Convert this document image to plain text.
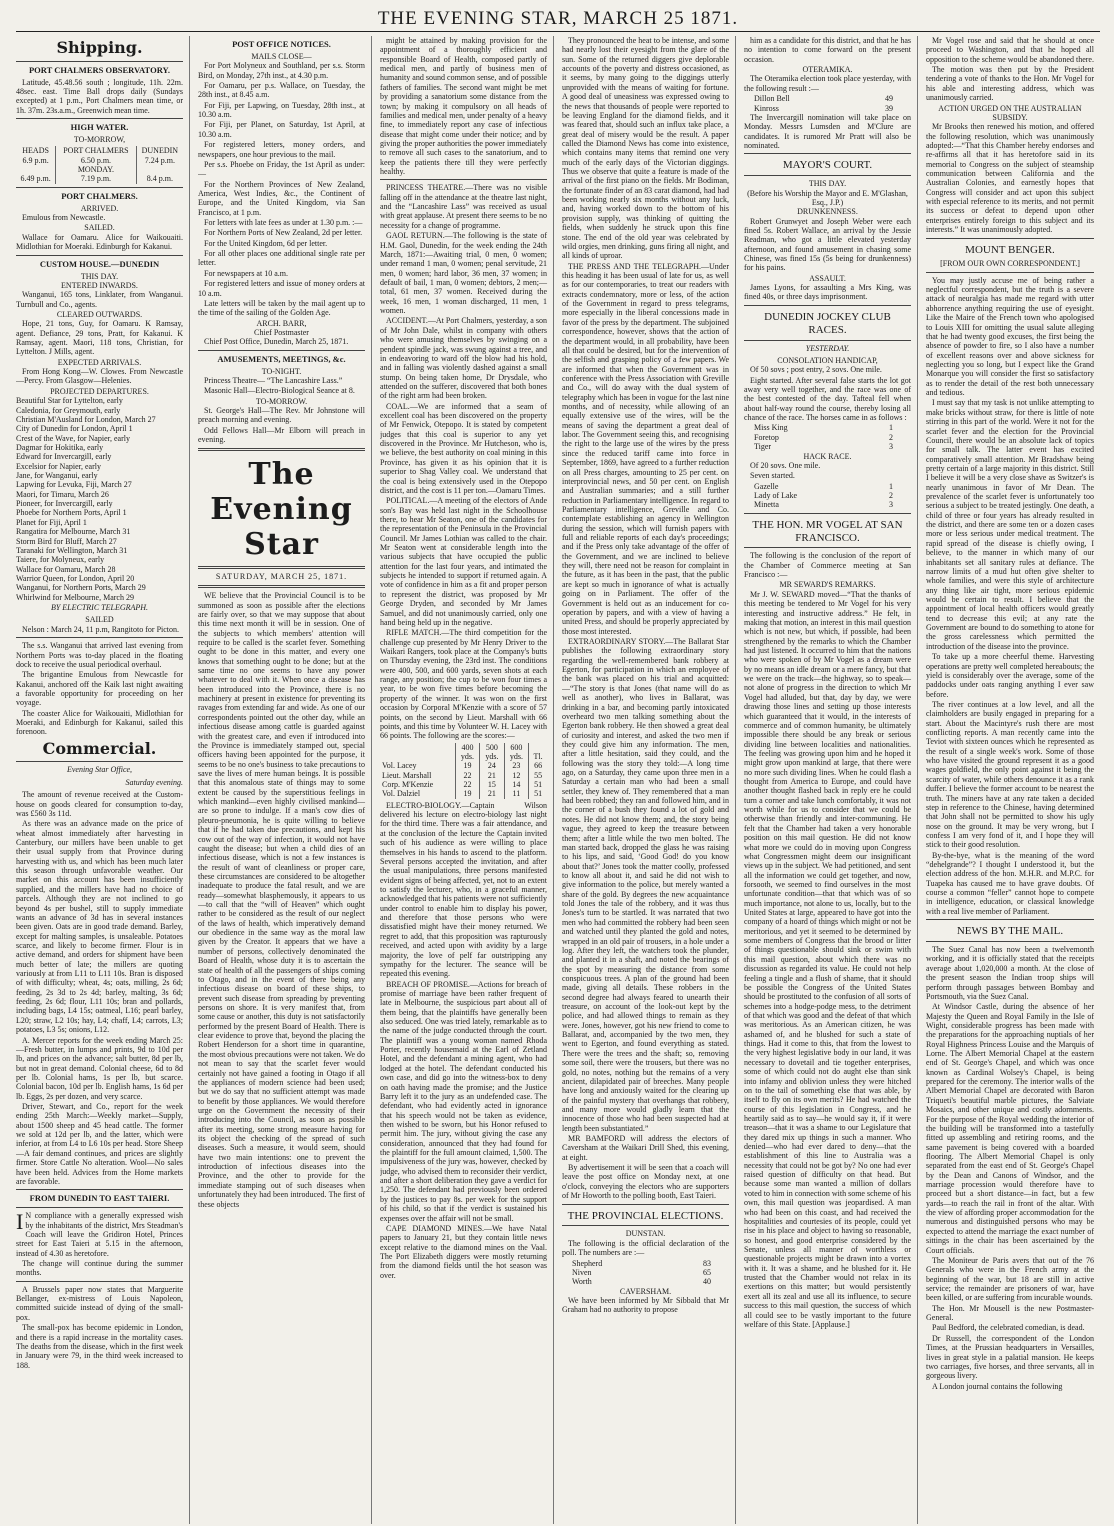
THE EVENING STAR, MARCH 25 1871.
Shipping.
PORT CHALMERS OBSERVATORY.

Latitude, 45.48.56 south ; longitude, 11h. 22m. 48sec. east. Time Ball drops daily (Sundays excepted) at 1 p.m., Port Chalmers mean time, or 1h. 37m. 23s.a.m., Greenwich mean time.

HIGH WATER.
TO-MORROW,
HEADS	PORT CHALMERS	DUNEDIN
6.9 p.m.	6.50 p.m.	7.24 p.m.
	MONDAY.	
6.49 p.m.	7.19 p.m.	8.4 p.m.
PORT CHALMERS.
ARRIVED.

Emulous from Newcastle.

SAILED.

Wallace for Oamaru. Alice for Waikouaiti. Midlothian for Moeraki. Edinburgh for Kakanui.

CUSTOM HOUSE.—DUNEDIN
THIS DAY.
ENTERED INWARDS.

Wanganui, 165 tons, Linklater, from Wanganui. Turnbull and Co., agents.

CLEARED OUTWARDS.

Hope, 21 tons, Guy, for Oamaru. K Ramsay, agent. Defiance, 29 tons, Pratt, for Kakanui. K Ramsay, agent. Maori, 118 tons, Christian, for Lyttelton. J Mills, agent.

EXPECTED ARRIVALS.

From Hong Kong—W. Clowes. From Newcastle—Percy. From Glasgow—Helenies.

PROJECTED DEPARTURES.
Beautiful Star for Lyttelton, early
Caledonia, for Greymouth, early
Christian M'Ausland for London, March 27
City of Dunedin for London, April 1
Crest of the Wave, for Napier, early
Dagmar for Hokitika, early
Edward for Invercargill, early
Excelsior for Napier, early
Jane, for Wanganui, early
Lapwing for Levuka, Fiji, March 27
Maori, for Timaru, March 26
Pioneer, for Invercargill, early
Phoebe for Northern Ports, April 1
Planet for Fiji, April 1
Rangatira for Melbourne, March 31
Storm Bird for Bluff, March 27
Taranaki for Wellington, March 31
Taiere, for Molyneux, early
Wallace for Oamaru, March 28
Warrior Queen, for London, April 20
Wanganui, for Northern Ports, March 29
Whirlwind for Melbourne, March 29
BY ELECTRIC TELEGRAPH.
SAILED

Nelson : March 24, 11 p.m, Rangitoto for Picton.

The s.s. Wanganui that arrived last evening from Northern Ports was to-day placed in the floating dock to receive the usual periodical overhaul.

The brigantine Emulous from Newcastle for Kakanui, anchored off the Kaik last night awaiting a favorable opportunity for proceeding on her voyage.

The coaster Alice for Waikouaiti, Midlothian for Moeraki, and Edinburgh for Kakanui, sailed this forenoon.

Commercial.
Evening Star Office,
Saturday evening.

The amount of revenue received at the Custom-house on goods cleared for consumption to-day, was £560 3s 11d.

As there was an advance made on the price of wheat almost immediately after harvesting in Canterbury, our millers have been unable to get their usual supply from that Province during harvesting with us, and which has been much later this season through unfavorable weather. Our market on this account has been insufficiently supplied, and the millers have had no choice of parcels. Although they are not inclined to go beyond 4s per bushel, still to supply immediate wants an advance of 3d has in several instances been given. Oats are in good trade demand. Barley, except for malting samples, is unsaleable. Potatoes scarce, and likely to become firmer. Flour is in active demand, and orders for shipment have been much better of late; the millers are quoting variously at from L11 to L11 10s. Bran is disposed of with difficulty; wheat, 4s; oats, milling, 2s 6d; feeding, 2s 3d to 2s 4d; barley, malting, 3s 6d; feeding, 2s 6d; flour, L11 10s; bran and pollards, including bags, L4 15s; oatmeal, L16; pearl barley, L20; straw, L2 10s; hay, L4; chaff, L4; carrots, L3; potatoes, L3 5s; onions, L12.

A. Mercer reports for the week ending March 25:—Fresh butter, in lumps and prints, 9d to 10d per lb, and prices on the advance; salt butter, 8d per lb, but not in great demand. Colonial cheese, 6d to 8d per lb. Colonial hams, 1s per lb, but scarce. Colonial bacon, 10d per lb. English hams, 1s 6d per lb. Eggs, 2s per dozen, and very scarce.

Driver, Stewart, and Co., report for the week ending 25th March:—Weekly market—Supply, about 1500 sheep and 45 head cattle. The former we sold at 12d per lb, and the latter, which were inferior, at from L4 to L6 10s per head. Store Sheep—A fair demand continues, and prices are slightly firmer. Store Cattle No alteration. Wool—No sales have been held. Advices from the Home markets are favorable.

FROM DUNEDIN TO EAST TAIERI.

I N compliance with a generally expressed wish by the inhabitants of the district, Mrs Steadman's Coach will leave the Gridiron Hotel, Princes street for East Taieri at 5.15 in the afternoon, instead of 4.30 as heretofore.

The change will continue during the summer months.

A Brussels paper now states that Marguerite Bellanger, ex-mistress of Louis Napoleon, committed suicide instead of dying of the small-pox.

The small-pox has become epidemic in London, and there is a rapid increase in the mortality cases. The deaths from the disease, which in the first week in January were 79, in the third week increased to 188.

POST OFFICE NOTICES.
MAILS CLOSE—

For Port Molyneux and Southland, per s.s. Storm Bird, on Monday, 27th inst., at 4.30 p.m.

For Oamaru, per p.s. Wallace, on Tuesday, the 28th inst., at 8.45 a.m.

For Fiji, per Lapwing, on Tuesday, 28th inst., at 10.30 a.m.

For Fiji, per Planet, on Saturday, 1st April, at 10.30 a.m.

For registered letters, money orders, and newspapers, one hour previous to the mail.

Per s.s. Phoebe on Friday, the 1st April as under:—

For the Northern Provinces of New Zealand, America, West Indies, &c., the Continent of Europe, and the United Kingdom, via San Francisco, at 1 p.m.

For letters with late fees as under at 1.30 p.m. :—

For Northern Ports of New Zealand, 2d per letter.

For the United Kingdom, 6d per letter.

For all other places one additional single rate per letter.

For newspapers at 10 a.m.

For registered letters and issue of money orders at 10 a.m.

Late letters will be taken by the mail agent up to the time of the sailing of the Golden Age.

ARCH. BARR,
Chief Postmaster

Chief Post Office, Dunedin, March 25, 1871.

AMUSEMENTS, MEETINGS, &c.
TO-NIGHT.

Princess Theatre— “The Lancashire Lass.”

Masonic Hall—Electro-Biological Seance at 8.

TO-MORROW.

St. George's Hall—The Rev. Mr Johnstone will preach morning and evening.

Odd Fellows Hall—Mr Elborn will preach in evening.

The Evening Star
SATURDAY, MARCH 25, 1871.

WE believe that the Provincial Council is to be summoned as soon as possible after the elections are fairly over, so that we may suppose that about this time next month it will be in session. One of the subjects to which members' attention will require to be called is the scarlet fever. Something ought to be done in this matter, and every one knows that something ought to be done; but at the same time no one seems to have any power whatever to deal with it. When once a disease has been introduced into the Province, there is no machinery at present in existence for preventing its ravages from extending far and wide. As one of our correspondents pointed out the other day, while an infectious disease among cattle is guarded against with the greatest care, and even if introduced into the Province is immediately stamped out, special officers having been appointed for the purpose, it seems to be no one's business to take precautions to save the lives of mere human beings. It is possible that this anomalous state of things may to some extent be caused by the superstitious feelings in which mankind—even highly civilised mankind—are so prone to indulge. If a man's cow dies of pleuro-pneumonia, he is quite willing to believe that if he had taken due precautions, and kept his cow out of the way of infection, it would not have caught the disease; but when a child dies of an infectious disease, which is not a few instances is the result of want of cleanliness or proper care, these circumstances are considered to be altogether inadequate to produce the fatal result, and we are ready—somewhat blasphemously, it appears to us—to call that the “will of Heaven” which ought rather to be considered as the result of our neglect of the laws of health, which imperatively demand our obedience in the same way as the moral law given by the Creator. It appears that we have a number of persons, collectively denominated the Board of Health, whose duty it is to ascertain the state of health of all the passengers of ships coming to Otago, and in the event of there being any infectious disease on board of these ships, to prevent such disease from spreading by preventing persons on shore. It is very manifest that, from some cause or another, this duty is not satisfactorily performed by the present Board of Health. There is clear evidence to prove that, beyond the placing the Robert Henderson for a short time in quarantine, the most obvious precautions were not taken. We do not mean to say that the scarlet fever would certainly not have gained a footing in Otago if all the appliances of modern science had been used; but we do say that no sufficient attempt was made to benefit by those appliances. We would therefore urge on the Government the necessity of their introducing into the Council, as soon as possible after its meeting, some strong measure having for its object the checking of the spread of such diseases. Such a measure, it would seem, should have two main intentions: one to prevent the introduction of infectious diseases into the Province, and the other to provide for the immediate stamping out of such diseases when unfortunately they had been introduced. The first of these objects

might be attained by making provision for the appointment of a thoroughly efficient and responsible Board of Health, composed partly of medical men, and partly of business men of humanity and sound common sense, and of possible fathers of families. The second want might be met by providing a sanatorium some distance from the town; by making it compulsory on all heads of families and medical men, under penalty of a heavy fine, to immediately report any case of infectious disease that might come under their notice; and by giving the proper authorities the power immediately to remove all such cases to the sanatorium, and to keep the patients there till they were perfectly healthy.

PRINCESS THEATRE.—There was no visible falling off in the attendance at the theatre last night, and the “Lancashire Lass” was received as usual with great applause. At present there seems to be no necessity for a change of programme.

GAOL RETURN.—The following is the state of H.M. Gaol, Dunedin, for the week ending the 24th March, 1871:—Awaiting trial, 0 men, 0 women; under remand 1 man, 0 women; penal servitude, 21 men, 0 women; hard labor, 36 men, 37 women; in default of bail, 1 man, 0 women; debtors, 2 men;—total, 61 men, 37 women. Received during the week, 16 men, 1 woman discharged, 11 men, 1 women.

ACCIDENT.—At Port Chalmers, yesterday, a son of Mr John Dale, whilst in company with others who were amusing themselves by swinging on a pendent spindle jack, was swung against a tree, and in endeavoring to ward off the blow had his hold, and in falling was violently dashed against a small stump. On being taken home, Dr Drysdale, who attended on the sufferer, discovered that both bones of the right arm had been broken.

COAL.—We are informed that a seam of excellent coal has been discovered on the property of Mr Fenwick, Otepopo. It is stated by competent judges that this coal is superior to any yet discovered in the Province. Mr Hutcheson, who is, we believe, the best authority on coal mining in this Province, has given it as his opinion that it is superior to Shag Valley coal. We understand that the coal is being extensively used in the Otepopo district, and the cost is 11 per ton.—Oamaru Times.

POLITICAL.—A meeting of the electors of Ande son's Bay was held last night in the Schoolhouse there, to hear Mr Seaton, one of the candidates for the representation of the Peninsula in the Provincial Council. Mr James Lothian was called to the chair. Mr Seaton went at considerable length into the various subjects that have occupied the public attention for the last four years, and intimated the subjects he intended to support if returned again. A vote of confidence in him as a fit and proper person to represent the district, was proposed by Mr George Dryden, and seconded by Mr James Samuel, and did not unanimously carried, only one hand being held up in the negative.

RIFLE MATCH.—The third competition for the challenge cup presented by Mr Henry Driver to the Waikari Rangers, took place at the Company's butts on Thursday evening, the 23rd inst. The conditions were 400, 500, and 600 yards, seven shots at each range, any position; the cup to be won four times a year, to be won five times before becoming the property of the winner. It was won on the first occasion by Corporal M'Kenzie with a score of 57 points, on the second by Lieut. Marshall with 66 points, and this time by Volunteer W. H. Lacey with 66 points. The following are the scores:—

	400	500	600	
	yds.	yds.	yds.	Tl.
Vol. Lacey	19	24	23	66
Lieut. Marshall	22	21	12	55
Corp. M'Kenzie	22	15	14	51
Vol. Dalziel	19	21	11	51

ELECTRO-BIOLOGY.—Captain Wilson delivered his lecture on electro-biology last night for the third time. There was a fair attendance, and at the conclusion of the lecture the Captain invited such of his audience as were willing to place themselves in his hands to ascend to the platform. Several persons accepted the invitation, and after the usual manipulations, three persons manifested evident signs of being affected, yet, not to an extent to satisfy the lecturer, who, in a graceful manner, acknowledged that his patients were not sufficiently under control to enable him to display his power, and therefore that those persons who were dissatisfied might have their money returned. We regret to add, that this proposition was rapturously received, and acted upon with avidity by a large majority, the love of pelf far outstripping any sympathy for the lecturer. The seance will be repeated this evening.

BREACH OF PROMISE.—Actions for breach of promise of marriage have been rather frequent of late in Melbourne, the suspicious part about all of them being, that the plaintiffs have generally been also seduced. One was tried lately, remarkable as to the name of the judge conducted through the court. The plaintiff was a young woman named Rhoda Porter, recently housemaid at the Earl of Zetland Hotel, and the defendant a mining agent, who had lodged at the hotel. The defendant conducted his own case, and did go into the witness-box to deny on oath having made the promise; and the Justice Barry left it to the jury as an undefended case. The defendant, who had evidently acted in ignorance that his speech would not be taken as evidence, then wished to be sworn, but his Honor refused to permit him. The jury, without giving the case any consideration, announced that they had found for the plaintiff for the full amount claimed, 1,500. The impulsiveness of the jury was, however, checked by judge, who advised them to reconsider their verdict, and after a short deliberation they gave a verdict for 1,250. The defendant had previously been ordered by the justices to pay 8s. per week for the support of his child, so that if the verdict is sustained his expenses over the affair will not be small.

CAPE DIAMOND MINES.—We have Natal papers to January 21, but they contain little news except relative to the diamond mines on the Vaal. The Port Elizabeth diggers were mostly returning from the diamond fields until the hot season was over.

They pronounced the heat to be intense, and some had nearly lost their eyesight from the glare of the sun. Some of the returned diggers give deplorable accounts of the poverty and distress occasioned, as it seems, by many going to the diggings utterly unprovided with the means of waiting for fortune. A good deal of uneasiness was expressed owing to the news that thousands of people were reported to be leaving England for the diamond fields, and it was feared that, should such an influx take place, a great deal of misery would be the result. A paper called the Diamond News has come into existence, which contains many items that remind one very much of the early days of the Victorian diggings. Thus we observe that quite a feature is made of the arrival of the first piano on the fields. Mr Bodiman, the fortunate finder of an 83 carat diamond, had had been working nearly six months without any luck, and, having worked down to the bottom of his provision supply, was thinking of quitting the fields, when suddenly he struck upon this fine stone. The end of the old year was celebrated by wild orgies, men drinking, guns firing all night, and all kinds of uproar.

THE PRESS AND THE TELEGRAPH.—Under this heading it has been usual of late for us, as well as for our contemporaries, to treat our readers with extracts condemnatory, more or less, of the action of the Government in regard to press telegrams, more especially in the liberal concessions made in favor of the press by the department. The subjoined correspondence, however, shows that the action of the department would, in all probability, have been all that could be desired, but for the intervention of the selfish and grasping policy of a few papers. We are informed that when the Government was in conference with the Press Association with Greville and Co., will do away with the dual system of telegraphy which has been in vogue for the last nine months, and of necessity, while allowing of an equally extensive use of the wires, will be the means of saving the department a great deal of labor. The Government seeing this, and recognising the right to the large use of the wires by the press since the reduced tariff came into force in September, 1869, have agreed to a further reduction on all Press charges, amounting to 25 per cent. on interprovincial news, and 50 per cent. on English and Australian summaries; and a still further reduction in Parliamentary intelligence. In regard to Parliamentary intelligence, Greville and Co. contemplate establishing an agency in Wellington during the session, which will furnish papers with full and reliable reports of each day's proceedings; and if the Press only take advantage of the offer of the Government, and we are inclined to believe they will, there need not be reason for complaint in the future, as it has been in the past, that the public are kept so much in ignorance of what is actually going on in Parliament. The offer of the Government is held out as an inducement for co-operation by papers, and with a view of having a united Press, and should be properly appreciated by those most interested.

EXTRAORDINARY STORY.—The Ballarat Star publishes the following extraordinary story regarding the well-remembered bank robbery at Egerton, for participation in which an employee of the bank was placed on his trial and acquitted:—“The story is that Jones (that name will do as well as another), who lives in Ballarat, was drinking in a bar, and becoming partly intoxicated overheard two men talking something about the Egerton bank robbery. He then showed a great deal of curiosity and interest, and asked the two men if they could give him any information. The men, after a little hesitation, said they could, and the following was the story they told:—A long time ago, on a Saturday, they came upon three men in a Saturday a certain man who had been a small settler, they knew of. They remembered that a man had been robbed; they ran and followed him, and in the corner of a bush they found a lot of gold and notes. He did not know them; and, the story being vague, they agreed to keep the treasure between them; after a little while the two men bolted. The man started back, dropped the glass he was raising to his lips, and said, ‘Good God! do you know about that?’ Jones took the matter coolly, professed to know all about it, and said he did not wish to give information to the police, but merely wanted a share of the gold. By degrees the new acquaintance told Jones the tale of the robbery, and it was thus Jones's turn to be startled. It was narrated that two men who had committed the robbery had been seen and watched until they planted the gold and notes, wrapped in an old pair of trousers, in a hole under a log. After they left, the watchers took the plunder, and planted it in a shaft, and noted the bearings of the spot by measuring the distance from some conspicuous trees. A plan of the ground had been made, giving all details. These robbers in the second degree had always feared to unearth their treasure, on account of the look-out kept by the police, and had allowed things to remain as they were. Jones, however, got his new friend to come to Ballarat, and, accompanied by the two men, they went to Egerton, and found everything as stated. There were the trees and the shaft; so, removing some soil, there were the trousers, but there was no gold, no notes, nothing but the remains of a very ancient, dilapidated pair of breeches. Many people have long and anxiously waited for the clearing up of the painful mystery that overhangs that robbery, and many more would gladly learn that the innocence of those who had been suspected had at length been substantiated.”

MR BAMFORD will address the electors of Caversham at the Waikari Drill Shed, this evening, at eight.

By advertisement it will be seen that a coach will leave the post office on Monday next, at one o'clock, conveying the electors who are supporters of Mr Howorth to the polling booth, East Taieri.

THE PROVINCIAL ELECTIONS.
DUNSTAN.

The following is the official declaration of the poll. The numbers are :—

Shepherd	83
Niven	65
Worth	40
CAVERSHAM.

We have been informed by Mr Sibbald that Mr Graham had no authority to propose

him as a candidate for this district, and that he has no intention to come forward on the present occasion.

OTERAMIKA.

The Oteramika election took place yesterday, with the following result :—

Dillon Bell	49
Kinross	39

The Invercargill nomination will take place on Monday. Messrs Lumsden and M'Clure are candidates. It is rumored Mr Pratt will also be nominated.

MAYOR'S COURT.
THIS DAY.
(Before his Worship the Mayor and E. M'Glashan, Esq., J.P.)
DRUNKENNESS.

Robert Grunwyet and Joseph Weber were each fined 5s. Robert Wallace, an arrival by the Jessie Readman, who got a little elevated yesterday afternoon, and found amusement in chasing some Chinese, was fined 15s (5s being for drunkenness) for his pains.

ASSAULT.

James Lyons, for assaulting a Mrs King, was fined 40s, or three days imprisonment.

DUNEDIN JOCKEY CLUB RACES.
YESTERDAY.
CONSOLATION HANDICAP,

Of 50 sovs ; post entry, 2 sovs. One mile.

Eight started. After several false starts the lot got away very well together, and the race was one of the best contested of the day. Tafteal fell when about half-way round the course, thereby losing all chance of the race. The horses came in as follows :

Miss King	1
Foretop	2
Tiger	3
HACK RACE.

Of 20 sovs. One mile.

Seven started.

Gazelle	1
Lady of Lake	2
Minetta	3
THE HON. MR VOGEL AT SAN FRANCISCO.

The following is the conclusion of the report of the Chamber of Commerce meeting at San Francisco :—

MR SEWARD'S REMARKS.

Mr J. W. SEWARD moved—“That the thanks of this meeting be tendered to Mr Vogel for his very interesting and instructive address.” He felt, in making that motion, an interest in this mail question which is not new, but which, if possible, had been strengthened by the remarks to which the Chamber had just listened. It occurred to him that the nations who were spoken of by Mr Vogel as a dream were by no means an idle dream or a mere fancy, but that we were on the track—the highway, so to speak—not alone of progress in the direction to which Mr Vogel had alluded, but that, day by day, we were drawing those lines and setting up those interests which guaranteed that it would, in the interests of commerce and of common humanity, be ultimately impossible there should be any break or serious dividing line between localities and nationalities. The feeling was growing upon him and he hoped it might grow upon mankind at large, that there were no more such dividing lines. When he could flash a thought from America to Europe, and could have another thought flashed back in reply ere he could turn a corner and take lunch comfortably, it was not worth while for us to consider that we could be otherwise than friendly and inter-communing. He felt that the Chamber had taken a very honorable position on this mail question. He did not know what more we could do in moving upon Congress what Congressmen might deem our insignificant views up in the subject. We had petitioned, and sent all the information we could get together, and now, forsooth, we seemed to find ourselves in the most unfortunate condition—that that which was of so much importance, not alone to us, locally, but to the United States at large, appeared to have got into the company of a hoard of things which might or not be meritorious, and yet it seemed to be determined by some members of Congress that the brood or litter of things questionable should sink or swim with this mail question, about which there was no discussion as regarded its value. He could not help feeling a tingle and a flush of shame, that it should be possible the Congress of the United States should be prostituted to the confusion of all sorts of schemes into a hodge-podge mess, to the detriment of that which was good and the defeat of that which was meritorious. As an American citizen, he was ashamed of, and he blushed for such a state of things. Had it come to this, that from the lowest to the very highest legislative body in our land, it was necessary to dovetail and tie together enterprises, some of which could not do aught else than sink into infamy and oblivion unless they were hitched on to the tail of something else that was able, by itself to fly on its own merits? He had watched the course of this legislation in Congress, and he heartily said as to say—he would say it, if it were treason—that it was a shame to our Legislature that they dared mix up things in such a manner. Who denied—who had ever dared to deny—that the establishment of this line to Australia was a necessity that could not be got by? No one had ever raised question of difficulty on that head. But because some man wanted a million of dollars voted to him in connection with some scheme of his own, this mail question was jeopardised. A man who had been on this coast, and had received the hospitalities and courtesies of its people, could yet rise in his place and object to having so reasonable, so honest, and good enterprise considered by the Senate, unless all manner of worthless or questionable projects might be drawn into a vortex with it. It was a shame, and he blushed for it. He trusted that the Chamber would not relax in its exertions on this matter; but would persistently exert all its zeal and use all its influence, to secure success to this mail question, the success of which all could see to be vastly important to the future welfare of this State. [Applause.]

Mr Vogel rose and said that he should at once proceed to Washington, and that he hoped all opposition to the scheme would be abandoned there.

The motion was then put by the President tendering a vote of thanks to the Hon. Mr Vogel for his able and interesting address, which was unanimously carried.

ACTION URGED ON THE AUSTRALIAN SUBSIDY.

Mr Brooks then renewed his motion, and offered the following resolution, which was unanimously adopted:—“That this Chamber hereby endorses and re-affirms all that it has heretofore said in its memorial to Congress on the subject of steamship communication between California and the Australian Colonies, and earnestly hopes that Congress will consider and act upon this subject with especial reference to its merits, and not permit its success or defeat to depend upon other enterprises entirely foreign to this subject and its interests.” It was unanimously adopted.

MOUNT BENGER.
[FROM OUR OWN CORRESPONDENT.]

You may justly accuse me of being rather a neglectful correspondent, but the truth is a severe attack of neuralgia has made me regard with utter abhorrence anything requiring the use of eyesight. Like the Maire of the French town who apologised to Louis XIII for omitting the usual salute alleging that he had twenty good excuses, the first being the absence of powder to fire, so I also have a number of excellent reasons over and above sickness for neglecting you so long, but I expect like the Grand Monarque you will consider the first so satisfactory as to render the detail of the rest both unnecessary and tedious.

I must say that my task is not unlike attempting to make bricks without straw, for there is little of note stirring in this part of the world. Were it not for the scarlet fever and the election for the Provincial Council, there would be an absolute lack of topics for small talk. The latter event has excited comparatively small attention. Mr Bradshaw being pretty certain of a large majority in this district. Still I believe it will be a very close shave as Switzer's is nearly unanimous in favor of Mr Dean. The prevalence of the scarlet fever is unfortunately too serious a subject to be treated jestingly. One death, a child of three or four years has already resulted in the district, and there are some ten or a dozen cases more or less serious under medical treatment. The rapid spread of the disease is chiefly owing, I believe, to the manner in which many of our inhabitants set all sanitary rules at defiance. The narrow limits of a mud hut often give shelter to whole families, and were this style of architecture any thing like air tight, more serious epidemic would be certain to result. I believe that the appointment of local health officers would greatly tend to decrease this evil; at any rate the Government are bound to do something to atone for the gross carelessness which permitted the introduction of the disease into the province.

To take up a more cheerful theme. Harvesting operations are pretty well completed hereabouts; the yield is considerably over the average, some of the paddocks under oats ranging anything I ever saw before.

The river continues at a low level, and all the claimholders are busily engaged in preparing for a start. About the Macintyre's rush there are most conflicting reports. A man recently came into the Teviot with sixteen ounces which he represented as the result of a single week's work. Some of those who have visited the ground represent it as a good wages goldfield, the only point against it being the scarcity of water, while others denounce it as a rank duffer. I believe the former account to be nearest the truth. The miners have at any rate taken a decided step in reference to the Chinese, having determined that John shall not be permitted to show his ugly nose on the ground. It may be very wrong, but I confess I am very fond of it, and I hope they will stick to their good resolution.

By-the-bye, what is the meaning of the word “dehelgrande”? I thought I understood it, but the election address of the hon. M.H.R. and M.P.C. for Tuapeka has caused me to have grave doubts. Of course a common “feller” cannot hope to compete in intelligence, education, or classical knowledge with a real live member of Parliament.

NEWS BY THE MAIL.

The Suez Canal has now been a twelvemonth working, and it is officially stated that the receipts average about 1,020,000 a month. At the close of the present season the Indian troop ships will perform through passages between Bombay and Portsmouth, via the Suez Canal.

At Windsor Castle, during the absence of her Majesty the Queen and Royal Family in the Isle of Wight, considerable progress has been made with the preparations for the approaching nuptials of her Royal Highness Princess Louise and the Marquis of Lorne. The Albert Memorial Chapel at the eastern end of St. George's Chapel, and which was once known as Cardinal Wolsey's Chapel, is being prepared for the ceremony. The interior walls of the Albert Memorial Chapel are decorated with Baron Triqueti's beautiful marble pictures, the Salviate Mosaics, and other unique and costly adornments. For the purpose of the Royal wedding the interior of the building will be transformed into a tastefully fitted up assembling and retiring rooms, and the same pavement is being covered with a boarded flooring. The Albert Memorial Chapel is only separated from the east end of St. George's Chapel by the Dean and Canons of Windsor, and the marriage procession would therefore have to proceed but a short distance—in fact, but a few yards—to reach the rail in front of the altar. With the view of affording proper accommodation for the numerous and distinguished persons who may be expected to attend the marriage the exact number of sittings in the chair has been ascertained by the Court officials.

The Moniteur de Paris avers that out of the 76 Generals who were in the French army at the beginning of the war, but 18 are still in active service; the remainder are prisoners of war, have been killed, or are suffering from incurable wounds.

The Hon. Mr Mousell is the new Postmaster-General.

Paul Bedford, the celebrated comedian, is dead.

Dr Russell, the correspondent of the London Times, at the Prussian headquarters in Versailles, lives in great style in a palatial mansion. He keeps two carriages, five horses, and three servants, all in gorgeous livery.

A London journal contains the following
